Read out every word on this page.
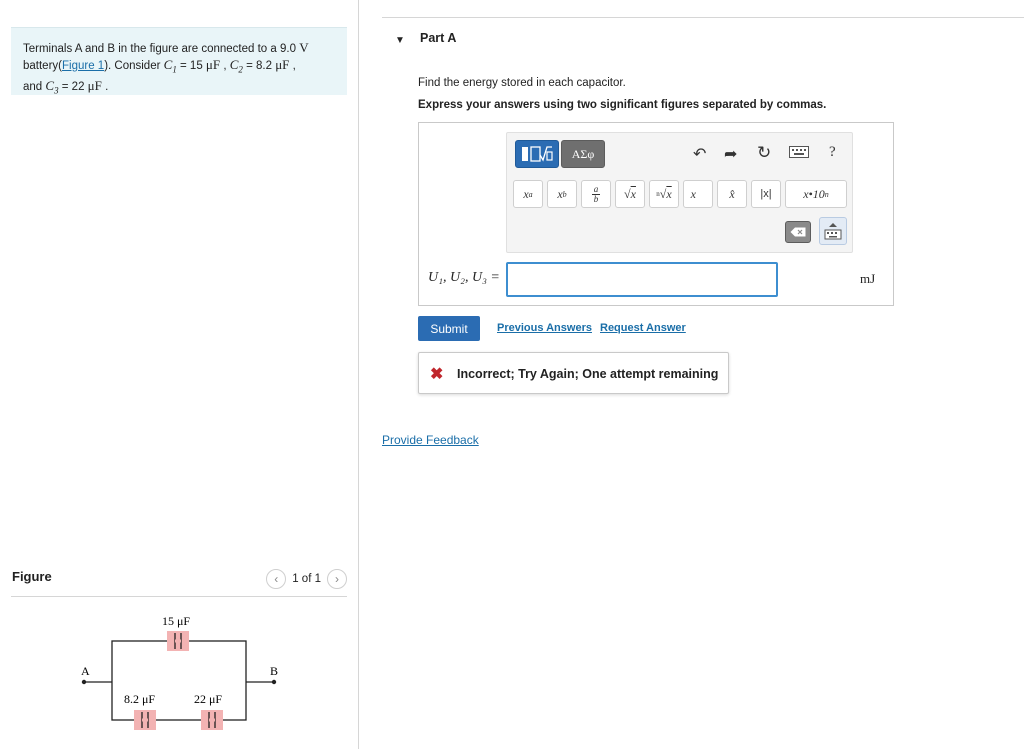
Terminals A and B in the figure are connected to a 9.0 V
battery(Figure 1). Consider $C_1 = 15$ μF , $C_2 = 8.2$ μF ,
and $C_3 = 22$ μF .
Figure	‹	1 of 1	›
A	B
15 μF
8.2 μF	22 μF
▼ Part A
Find the energy stored in each capacitor.
Express your answers using two significant figures separated by commas.
ΑΣφ	↶ ➦ ↻	?
x a	x b
a
b	√ x	n √ x	x⃗	x̂	|x|	x•10 n
U₁, U₂, U₃ =	mJ
Submit	Previous Answers Request Answer
✖ Incorrect; Try Again; One attempt remaining
Provide Feedback
